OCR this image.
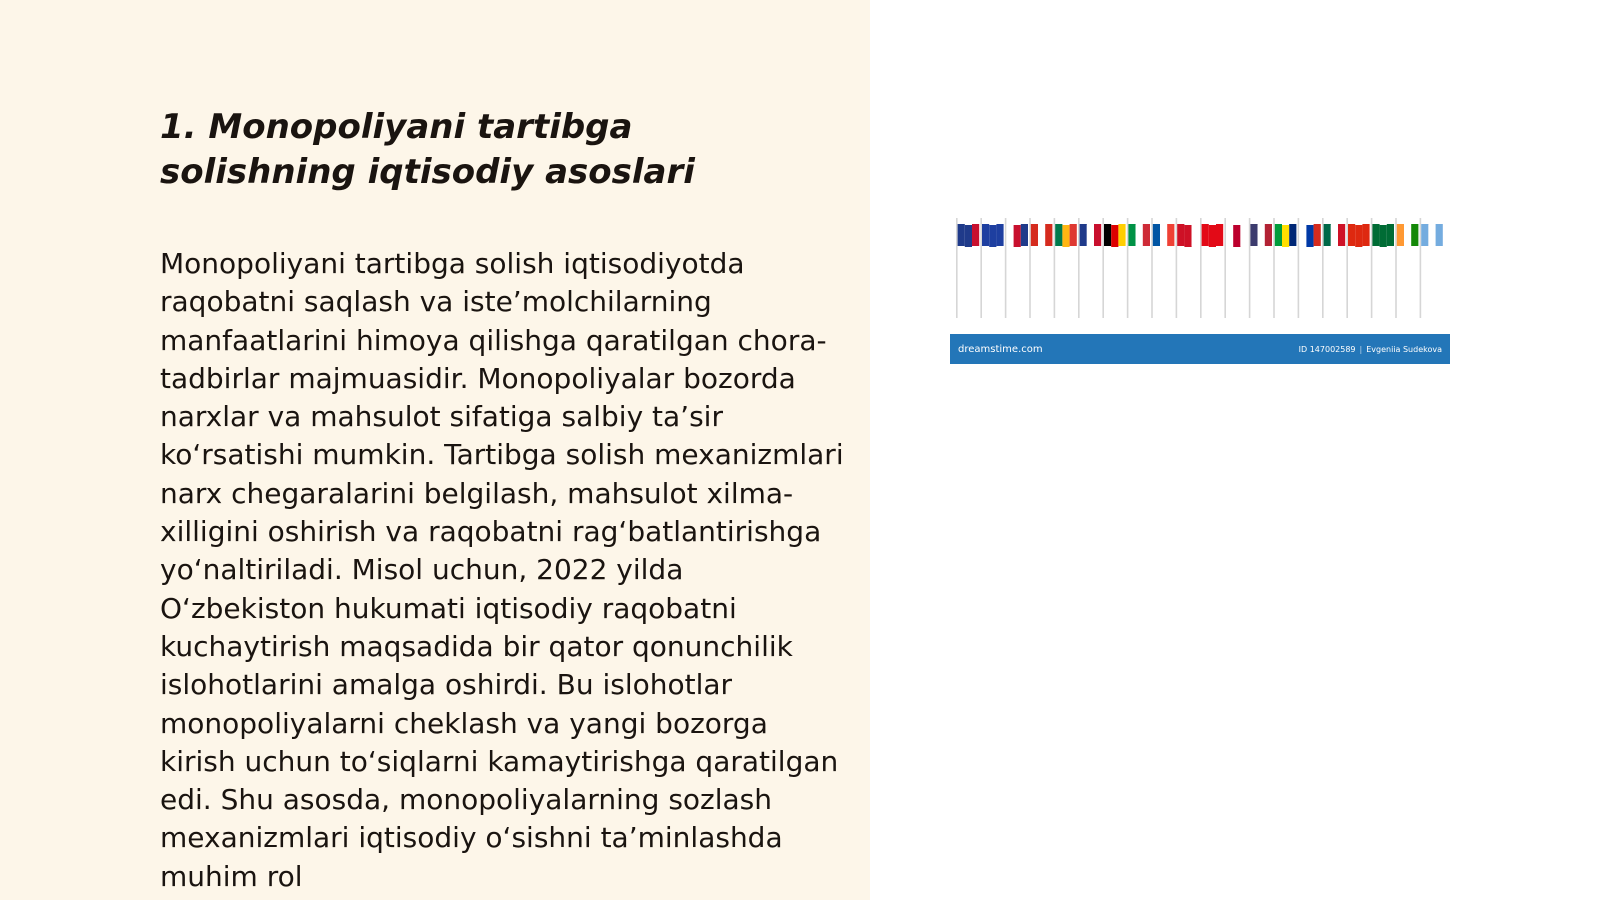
1. Monopoliyani tartibga solishning iqtisodiy asoslari

Monopoliyani tartibga solish iqtisodiyotda raqobatni saqlash va iste’molchilarning manfaatlarini himoya qilishga qaratilgan chora-tadbirlar majmuasidir. Monopoliyalar bozorda narxlar va mahsulot sifatiga salbiy ta’sir ko‘rsatishi mumkin. Tartibga solish mexanizmlari narx chegaralarini belgilash, mahsulot xilma-xilligini oshirish va raqobatni rag‘batlantirishga yo‘naltiriladi. Misol uchun, 2022 yilda O‘zbekiston hukumati iqtisodiy raqobatni kuchaytirish maqsadida bir qator qonunchilik islohotlarini amalga oshirdi. Bu islohotlar monopoliyalarni cheklash va yangi bozorga kirish uchun to‘siqlarni kamaytirishga qaratilgan edi. Shu asosda, monopoliyalarning sozlash mexanizmlari iqtisodiy o‘sishni ta’minlashda muhim rol

dreamstime.com	ID 147002589 | Evgeniia Sudekova
